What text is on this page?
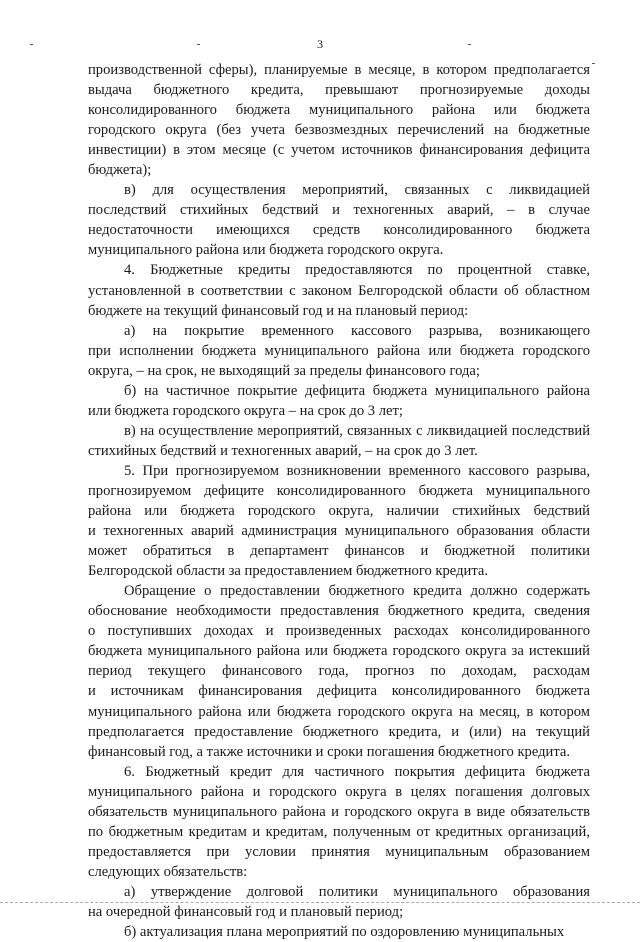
3

производственной сферы), планируемые в месяце, в котором предполагается

выдача бюджетного кредита, превышают прогнозируемые доходы

консолидированного бюджета муниципального района или бюджета

городского округа (без учета безвозмездных перечислений на бюджетные

инвестиции) в этом месяце (с учетом источников финансирования дефицита

бюджета);

в) для осуществления мероприятий, связанных с ликвидацией

последствий стихийных бедствий и техногенных аварий, – в случае

недостаточности имеющихся средств консолидированного бюджета

муниципального района или бюджета городского округа.

4. Бюджетные кредиты предоставляются по процентной ставке,

установленной в соответствии с законом Белгородской области об областном

бюджете на текущий финансовый год и на плановый период:

а) на покрытие временного кассового разрыва, возникающего

при исполнении бюджета муниципального района или бюджета городского

округа, – на срок, не выходящий за пределы финансового года;

б) на частичное покрытие дефицита бюджета муниципального района

или бюджета городского округа – на срок до 3 лет;

в) на осуществление мероприятий, связанных с ликвидацией последствий

стихийных бедствий и техногенных аварий, – на срок до 3 лет.

5. При прогнозируемом возникновении временного кассового разрыва,

прогнозируемом дефиците консолидированного бюджета муниципального

района или бюджета городского округа, наличии стихийных бедствий

и техногенных аварий администрация муниципального образования области

может обратиться в департамент финансов и бюджетной политики

Белгородской области за предоставлением бюджетного кредита.

Обращение о предоставлении бюджетного кредита должно содержать

обоснование необходимости предоставления бюджетного кредита, сведения

о поступивших доходах и произведенных расходах консолидированного

бюджета муниципального района или бюджета городского округа за истекший

период текущего финансового года, прогноз по доходам, расходам

и источникам финансирования дефицита консолидированного бюджета

муниципального района или бюджета городского округа на месяц, в котором

предполагается предоставление бюджетного кредита, и (или) на текущий

финансовый год, а также источники и сроки погашения бюджетного кредита.

6. Бюджетный кредит для частичного покрытия дефицита бюджета

муниципального района и городского округа в целях погашения долговых

обязательств муниципального района и городского округа в виде обязательств

по бюджетным кредитам и кредитам, полученным от кредитных организаций,

предоставляется при условии принятия муниципальным образованием

следующих обязательств:

а) утверждение долговой политики муниципального образования

на очередной финансовый год и плановый период;

б) актуализация плана мероприятий по оздоровлению муниципальных
